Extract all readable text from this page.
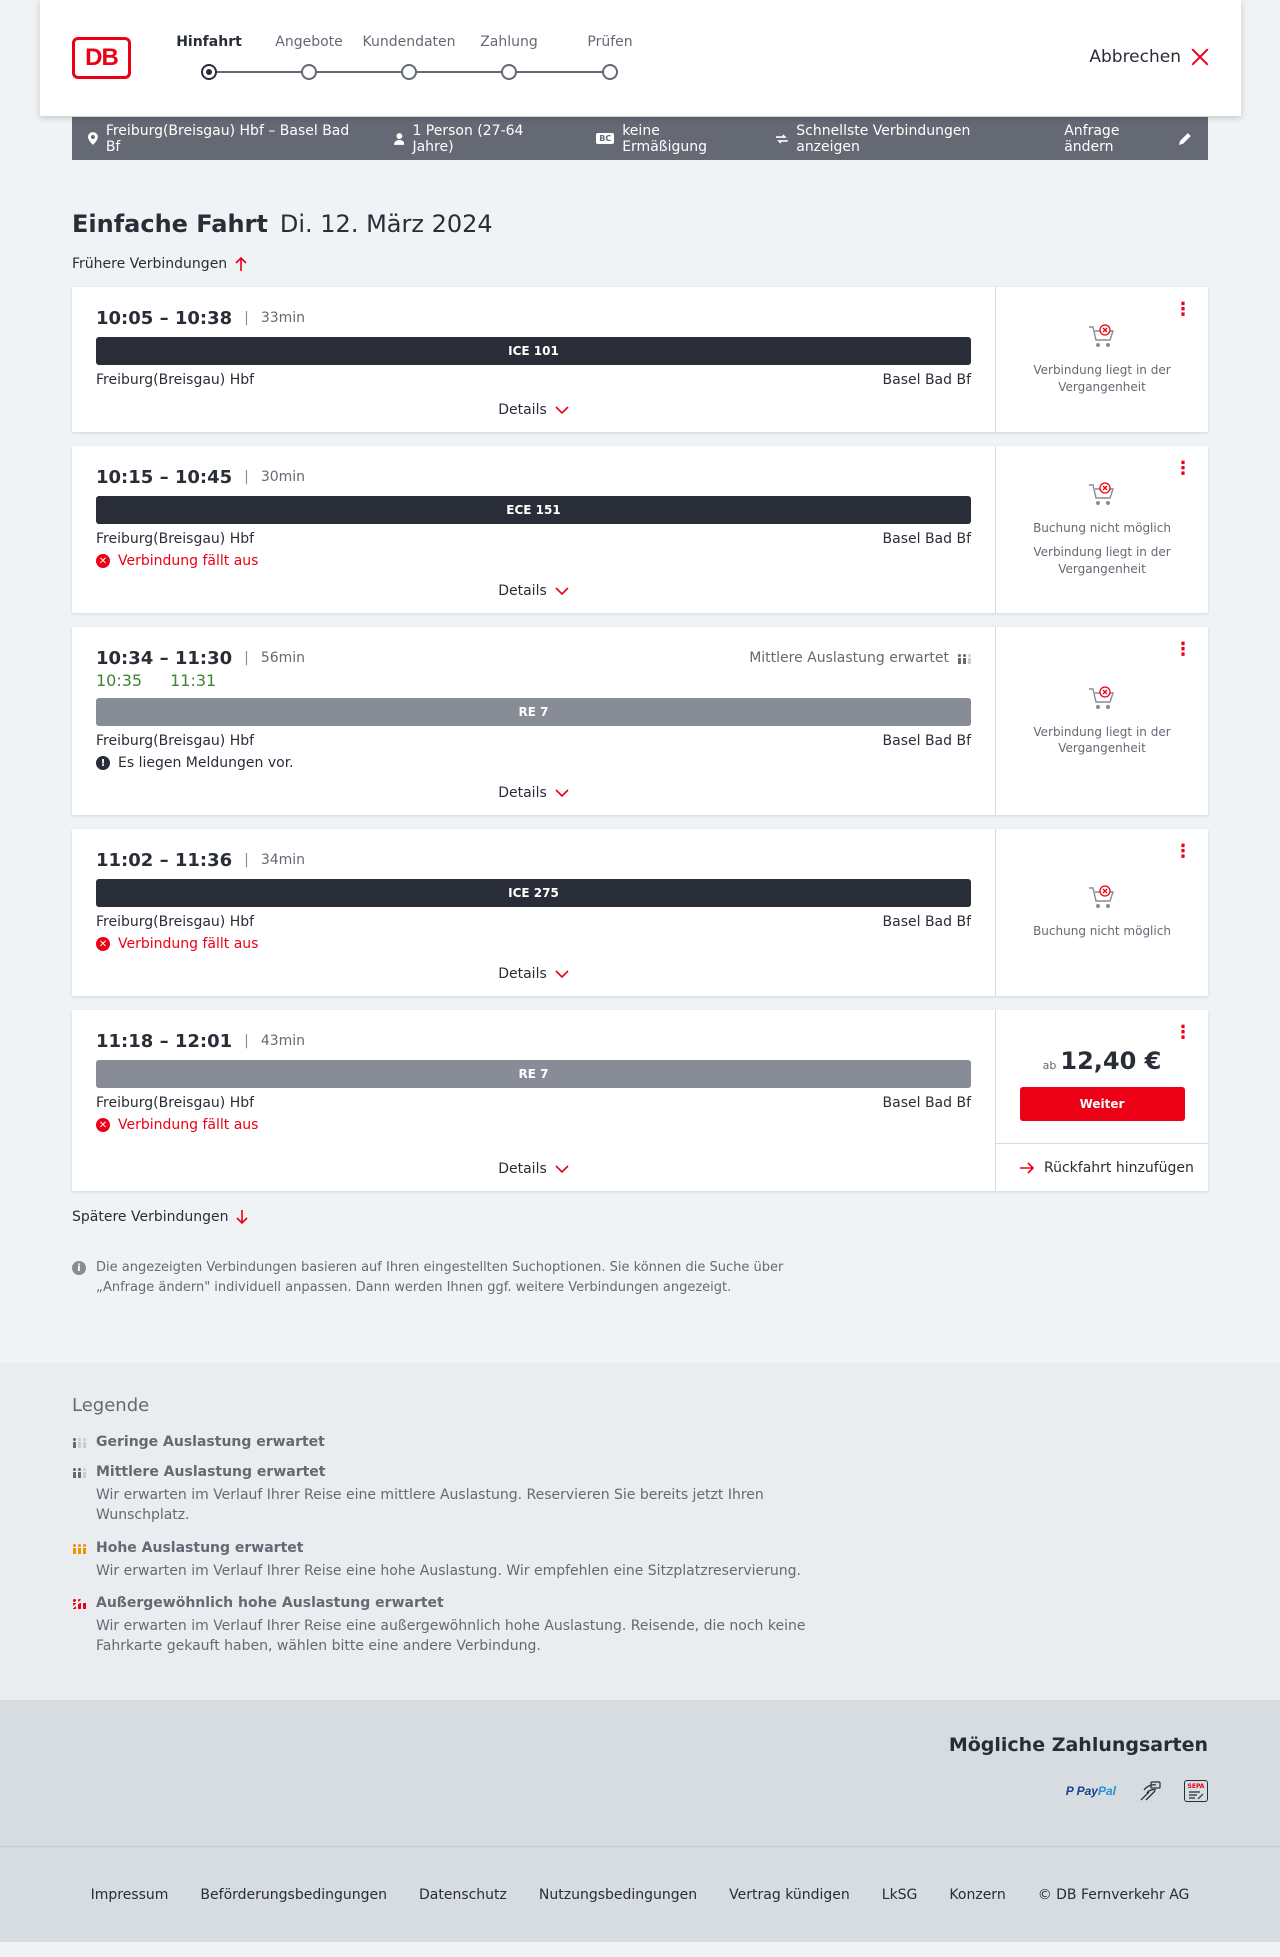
DB
Hinfahrt Angebote Kundendaten Zahlung	Prüfen
Abbrechen
Freiburg(Breisgau) Hbf – Basel Bad Bf
1 Person (27-64 Jahre)	BC keine Ermäßigung
Schnellste Verbindungen anzeigen
Anfrage ändern
Einfache Fahrt Di. 12. März 2024
Frühere Verbindungen
10:05 – 10:38 | 33min
ICE 101
Freiburg(Breisgau) Hbf	Basel Bad Bf
Details
⋮
Verbindung liegt in der Vergangenheit
10:15 – 10:45 | 30min
ECE 151
Freiburg(Breisgau) Hbf	Basel Bad Bf
✕ Verbindung fällt aus
Details
⋮
Buchung nicht möglich
Verbindung liegt in der Vergangenheit
10:34 – 11:30 | 56min	Mittlere Auslastung erwartet
10:35 11:31
RE 7
Freiburg(Breisgau) Hbf	Basel Bad Bf
! Es liegen Meldungen vor.
Details
⋮
Verbindung liegt in der Vergangenheit
11:02 – 11:36 | 34min
ICE 275
Freiburg(Breisgau) Hbf	Basel Bad Bf
✕ Verbindung fällt aus
Details
⋮
Buchung nicht möglich
11:18 – 12:01 | 43min
RE 7
Freiburg(Breisgau) Hbf	Basel Bad Bf
✕ Verbindung fällt aus
Details
⋮
ab 12,40 €
Weiter
Rückfahrt hinzufügen
Spätere Verbindungen
i	Die angezeigten Verbindungen basieren auf Ihren eingestellten Suchoptionen. Sie können die Suche über „Anfrage ändern" individuell anpassen. Dann werden Ihnen ggf. weitere Verbindungen angezeigt.
Legende
Geringe Auslastung erwartet
Mittlere Auslastung erwartet
Wir erwarten im Verlauf Ihrer Reise eine mittlere Auslastung. Reservieren Sie bereits jetzt Ihren Wunschplatz.
Hohe Auslastung erwartet
Wir erwarten im Verlauf Ihrer Reise eine hohe Auslastung. Wir empfehlen eine Sitzplatzreservierung.
Außergewöhnlich hohe Auslastung erwartet
Wir erwarten im Verlauf Ihrer Reise eine außergewöhnlich hohe Auslastung. Reisende, die noch keine Fahrkarte gekauft haben, wählen bitte eine andere Verbindung.
Mögliche Zahlungsarten
P PayPal	SEPA
Impressum Beförderungsbedingungen Datenschutz Nutzungsbedingungen Vertrag kündigen LkSG Konzern © DB Fernverkehr AG
